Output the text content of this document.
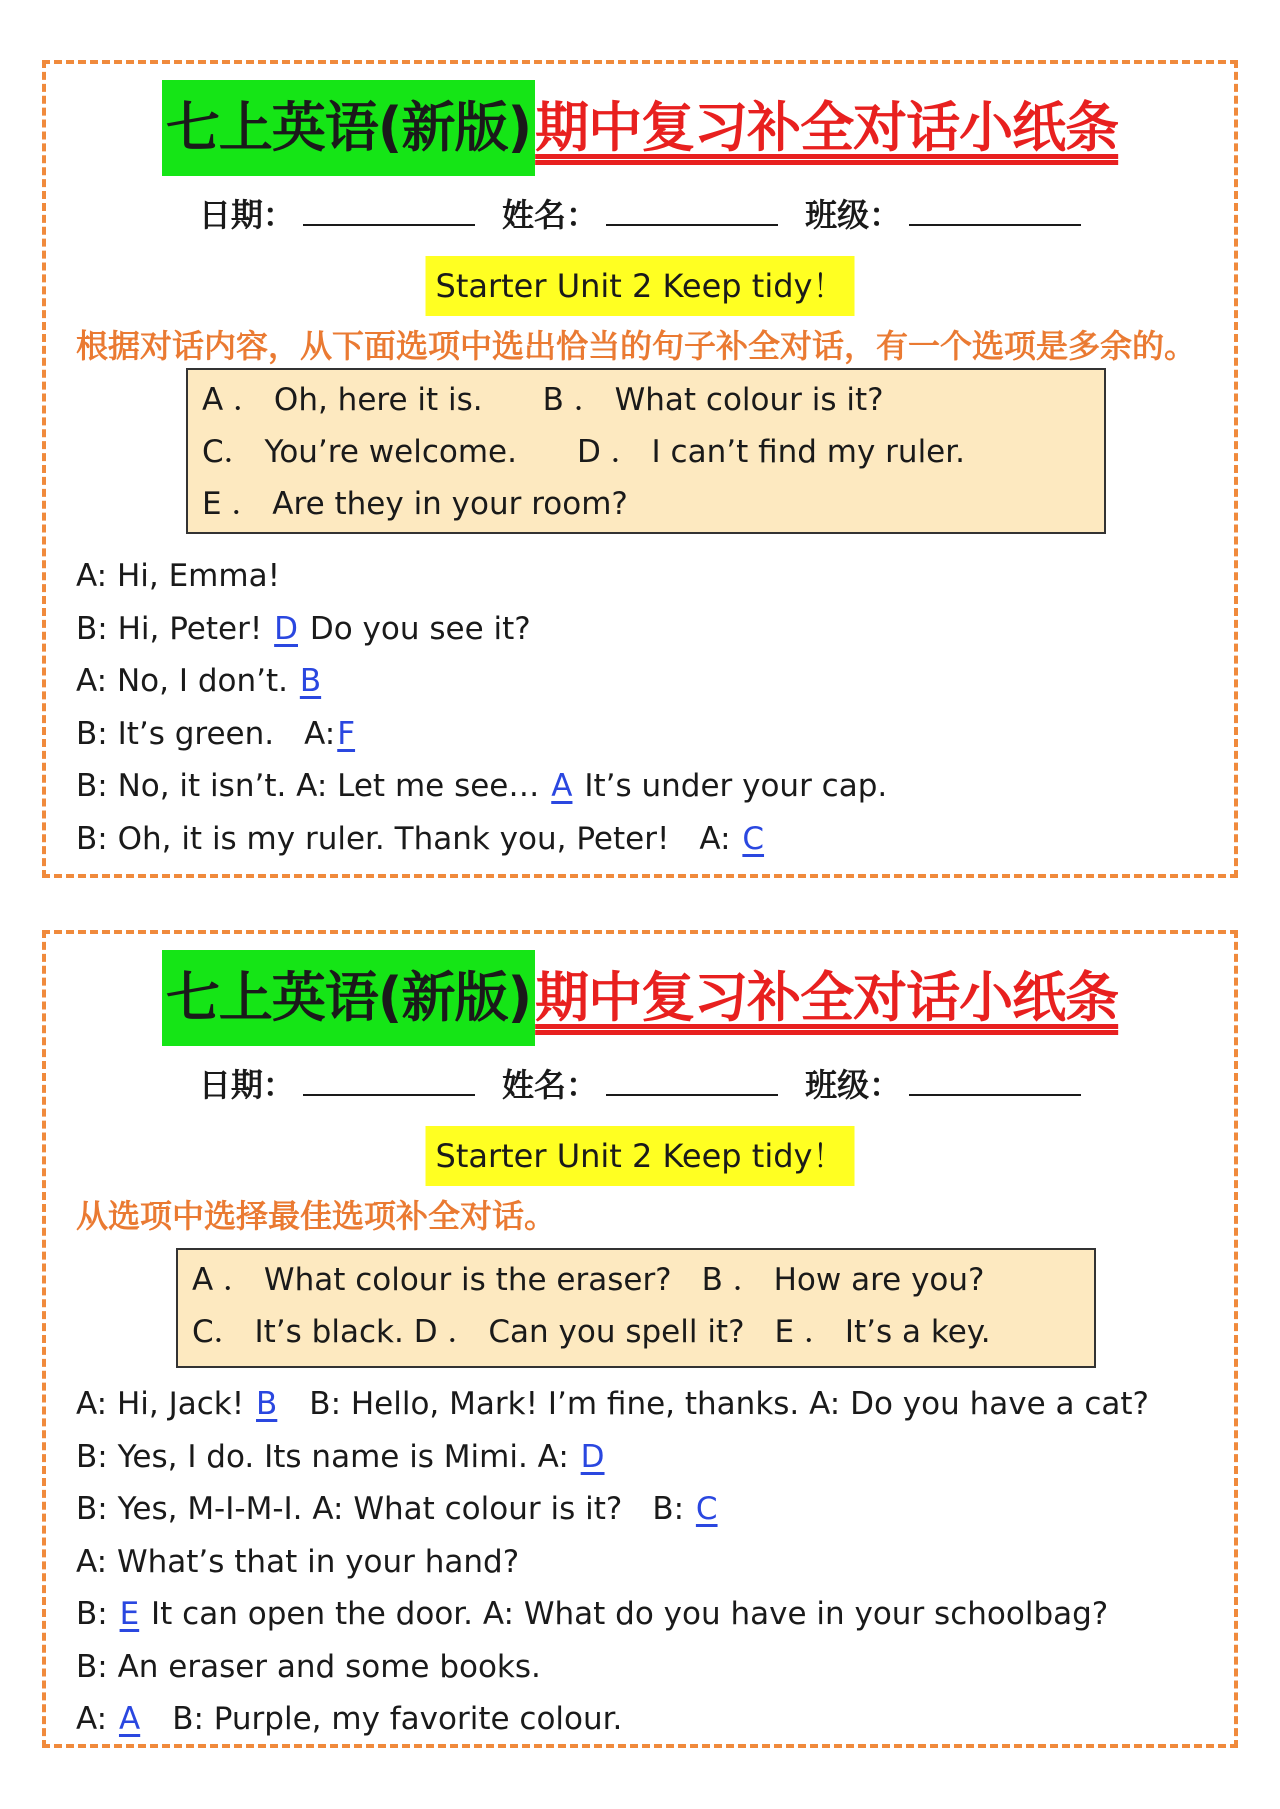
七上英语(新版)期中复习补全对话小纸条
日期：	姓名：	班级：
Starter Unit 2 Keep tidy！
根据对话内容，从下面选项中选出恰当的句子补全对话，有一个选项是多余的。
A ． Oh, here it is. B ． What colour is it?
C． You’re welcome. D ． I can’t find my ruler.
E ． Are they in your room?
A: Hi, Emma!
B: Hi, Peter! D Do you see it?
A: No, I don’t. B
B: It’s green. A:F
B: No, it isn’t. A: Let me see… A It’s under your cap.
B: Oh, it is my ruler. Thank you, Peter! A: C
七上英语(新版)期中复习补全对话小纸条
日期：	姓名：	班级：
Starter Unit 2 Keep tidy！
从选项中选择最佳选项补全对话。
A ． What colour is the eraser? B ． How are you?
C． It’s black. D ． Can you spell it? E ． It’s a key.
A: Hi, Jack! B B: Hello, Mark! I’m fine, thanks. A: Do you have a cat?
B: Yes, I do. Its name is Mimi. A: D
B: Yes, M-I-M-I. A: What colour is it? B: C
A: What’s that in your hand?
B: E It can open the door. A: What do you have in your schoolbag?
B: An eraser and some books.
A: A B: Purple, my favorite colour.
